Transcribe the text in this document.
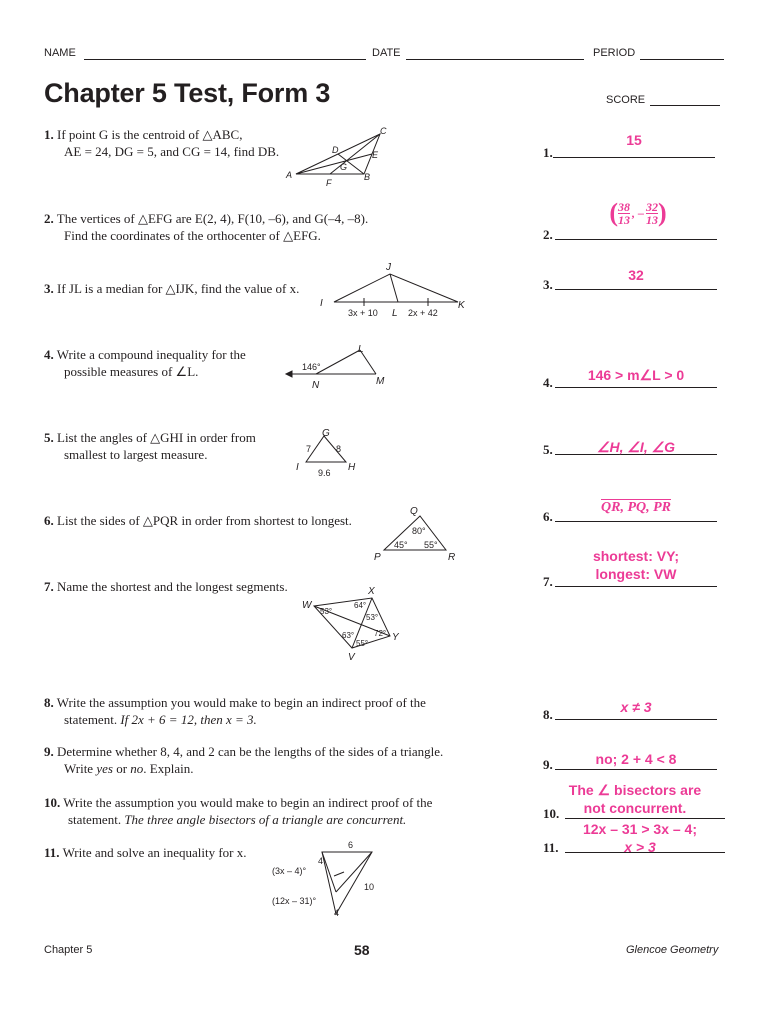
NAME	DATE	PERIOD
Chapter 5 Test, Form 3	SCORE
1. If point G is the centroid of △ABC,
AE = 24, DG = 5, and CG = 14, find DB.
2. The vertices of △EFG are E(2, 4), F(10, –6), and G(–4, –8).
Find the coordinates of the orthocenter of △EFG.
3. If JL is a median for △IJK, find the value of x.
4. Write a compound inequality for the
possible measures of ∠L.
5. List the angles of △GHI in order from
smallest to largest measure.
6. List the sides of △PQR in order from shortest to longest.
7. Name the shortest and the longest segments.
8. Write the assumption you would make to begin an indirect proof of the
statement. If 2x + 6 = 12, then x = 3.
9. Determine whether 8, 4, and 2 can be the lengths of the sides of a triangle.
Write yes or no. Explain.
10. Write the assumption you would make to begin an indirect proof of the
statement. The three angle bisectors of a triangle are concurrent.
11. Write and solve an inequality for x.
1.
15
2.
( 38
13 , – 32
13 )
3.
32
4.	146 > m∠L > 0
5.	∠H, ∠I, ∠G
6.
QR, PQ, PR
7.
shortest: VY;
longest: VW
8.	x ≠ 3
9.	no; 2 + 4 < 8
10.
The ∠ bisectors are
not concurrent.
11.
12x – 31 > 3x – 4;
x > 3
A	B
C
D	E
F
G
I
J
K
L
3x + 10	2x + 42
146°
L
M
N
G
H
I
7	8
9.6
Q
P	R
80°
45° 55°
W
X
Y
V
53°
64°
53°
63° 72°
55°
6
4
10
4
(3x – 4)°
(12x – 31)°
Chapter 5	58	Glencoe Geometry
